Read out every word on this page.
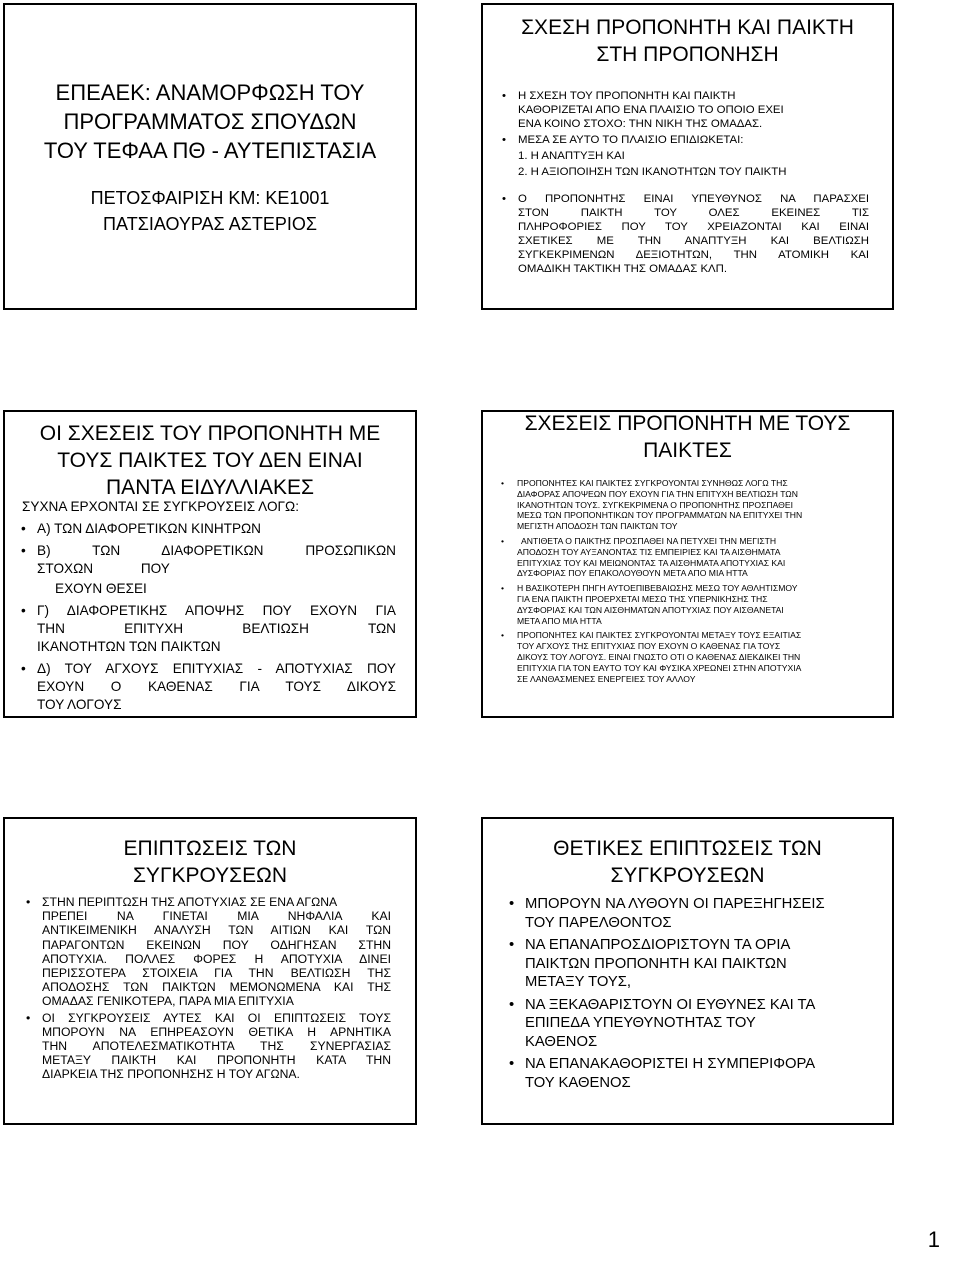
ΕΠΕΑΕΚ: ΑΝΑΜΟΡΦΩΣΗ ΤΟΥ
ΠΡΟΓΡΑΜΜΑΤΟΣ ΣΠΟΥΔΩΝ
ΤΟΥ ΤΕΦΑΑ ΠΘ - ΑΥΤΕΠΙΣΤΑΣΙΑ
ΠΕΤΟΣΦΑΙΡΙΣΗ ΚΜ: ΚΕ1001
ΠΑΤΣΙΑΟΥΡΑΣ ΑΣΤΕΡΙΟΣ
ΣΧΕΣΗ ΠΡΟΠΟΝΗΤΗ ΚΑΙ ΠΑΙΚΤΗ
ΣΤΗ ΠΡΟΠΟΝΗΣΗ
• Η ΣΧΕΣΗ ΤΟΥ ΠΡΟΠΟΝΗΤΗ ΚΑΙ ΠΑΙΚΤΗ
ΚΑΘΟΡΙΖΕΤΑΙ ΑΠΟ ΕΝΑ ΠΛΑΙΣΙΟ ΤΟ ΟΠΟΙΟ ΕΧΕΙ
ΕΝΑ ΚΟΙΝΟ ΣΤΟΧΟ: ΤΗΝ ΝΙΚΗ ΤΗΣ ΟΜΑΔΑΣ.
• ΜΕΣΑ ΣΕ ΑΥΤΟ ΤΟ ΠΛΑΙΣΙΟ ΕΠΙΔΙΩΚΕΤΑΙ:
1. Η ΑΝΑΠΤΥΞΗ ΚΑΙ
2. Η ΑΞΙΟΠΟΙΗΣΗ ΤΩΝ ΙΚΑΝΟΤΗΤΩΝ ΤΟΥ ΠΑΙΚΤΗ
• Ο ΠΡΟΠΟΝΗΤΗΣ ΕΙΝΑΙ ΥΠΕΥΘΥΝΟΣ ΝΑ ΠΑΡΑΣΧΕΙ
ΣΤΟΝ ΠΑΙΚΤΗ ΤΟΥ ΟΛΕΣ ΕΚΕΙΝΕΣ ΤΙΣ
ΠΛΗΡΟΦΟΡΙΕΣ ΠΟΥ ΤΟΥ ΧΡΕΙΑΖΟΝΤΑΙ ΚΑΙ ΕΙΝΑΙ
ΣΧΕΤΙΚΕΣ ΜΕ ΤΗΝ ΑΝΑΠΤΥΞΗ ΚΑΙ ΒΕΛΤΙΩΣΗ
ΣΥΓΚΕΚΡΙΜΕΝΩΝ ΔΕΞΙΟΤΗΤΩΝ, ΤΗΝ ΑΤΟΜΙΚΗ ΚΑΙ
ΟΜΑΔΙΚΗ ΤΑΚΤΙΚΗ ΤΗΣ ΟΜΑΔΑΣ ΚΛΠ.
ΟΙ ΣΧΕΣΕΙΣ ΤΟΥ ΠΡΟΠΟΝΗΤΗ ΜΕ
ΤΟΥΣ ΠΑΙΚΤΕΣ ΤΟΥ ΔΕΝ ΕΙΝΑΙ
ΠΑΝΤΑ ΕΙΔΥΛΛΙΑΚΕΣ
ΣΥΧΝΑ ΕΡΧΟΝΤΑΙ ΣΕ ΣΥΓΚΡΟΥΣΕΙΣ ΛΟΓΩ:
• Α) ΤΩΝ ΔΙΑΦΟΡΕΤΙΚΩΝ ΚΙΝΗΤΡΩΝ
• Β) ΤΩΝ ΔΙΑΦΟΡΕΤΙΚΩΝ ΠΡΟΣΩΠΙΚΩΝ
ΣΤΟΧΩΝ ΠΟΥ
ΕΧΟΥΝ ΘΕΣΕΙ
• Γ) ΔΙΑΦΟΡΕΤΙΚΗΣ ΑΠΟΨΗΣ ΠΟΥ ΕΧΟΥΝ ΓΙΑ
ΤΗΝ ΕΠΙΤΥΧΗ ΒΕΛΤΙΩΣΗ ΤΩΝ
ΙΚΑΝΟΤΗΤΩΝ ΤΩΝ ΠΑΙΚΤΩΝ
• Δ) ΤΟΥ ΑΓΧΟΥΣ ΕΠΙΤΥΧΙΑΣ - ΑΠΟΤΥΧΙΑΣ ΠΟΥ
ΕΧΟΥΝ Ο ΚΑΘΕΝΑΣ ΓΙΑ ΤΟΥΣ ΔΙΚΟΥΣ
ΤΟΥ ΛΟΓΟΥΣ
ΣΧΕΣΕΙΣ ΠΡΟΠΟΝΗΤΗ ΜΕ ΤΟΥΣ
ΠΑΙΚΤΕΣ
• ΠΡΟΠΟΝΗΤΕΣ ΚΑΙ ΠΑΙΚΤΕΣ ΣΥΓΚΡΟΥΟΝΤΑΙ ΣΥΝΗΘΩΣ ΛΟΓΩ ΤΗΣ
ΔΙΑΦΟΡΑΣ ΑΠΟΨΕΩΝ ΠΟΥ ΕΧΟΥΝ ΓΙΑ ΤΗΝ ΕΠΙΤΥΧΗ ΒΕΛΤΙΩΣΗ ΤΩΝ
ΙΚΑΝΟΤΗΤΩΝ ΤΟΥΣ. ΣΥΓΚΕΚΡΙΜΕΝΑ Ο ΠΡΟΠΟΝΗΤΗΣ ΠΡΟΣΠΑΘΕΙ
ΜΕΣΩ ΤΩΝ ΠΡΟΠΟΝΗΤΙΚΩΝ ΤΟΥ ΠΡΟΓΡΑΜΜΑΤΩΝ ΝΑ ΕΠΙΤΥΧΕΙ ΤΗΝ
ΜΕΓΙΣΤΗ ΑΠΟΔΟΣΗ ΤΩΝ ΠΑΙΚΤΩΝ ΤΟΥ
•	ΑΝΤΙΘΕΤΑ Ο ΠΑΙΚΤΗΣ ΠΡΟΣΠΑΘΕΙ ΝΑ ΠΕΤΥΧΕΙ ΤΗΝ ΜΕΓΙΣΤΗ
ΑΠΟΔΟΣΗ ΤΟΥ ΑΥΞΑΝΟΝΤΑΣ ΤΙΣ ΕΜΠΕΙΡΙΕΣ ΚΑΙ ΤΑ ΑΙΣΘΗΜΑΤΑ
ΕΠΙΤΥΧΙΑΣ ΤΟΥ ΚΑΙ ΜΕΙΩΝΟΝΤΑΣ ΤΑ ΑΙΣΘΗΜΑΤΑ ΑΠΟΤΥΧΙΑΣ ΚΑΙ
ΔΥΣΦΟΡΙΑΣ ΠΟΥ ΕΠΑΚΟΛΟΥΘΟΥΝ ΜΕΤΑ ΑΠΟ ΜΙΑ ΗΤΤΑ
• Η ΒΑΣΙΚΟΤΕΡΗ ΠΗΓΗ ΑΥΤΟΕΠΙΒΕΒΑΙΩΣΗΣ ΜΕΣΩ ΤΟΥ ΑΘΛΗΤΙΣΜΟΥ
ΓΙΑ ΕΝΑ ΠΑΙΚΤΗ ΠΡΟΕΡΧΕΤΑΙ ΜΕΣΩ ΤΗΣ ΥΠΕΡΝΙΚΗΣΗΣ ΤΗΣ
ΔΥΣΦΟΡΙΑΣ ΚΑΙ ΤΩΝ ΑΙΣΘΗΜΑΤΩΝ ΑΠΟΤΥΧΙΑΣ ΠΟΥ ΑΙΣΘΑΝΕΤΑΙ
ΜΕΤΑ ΑΠΟ ΜΙΑ ΗΤΤΑ
• ΠΡΟΠΟΝΗΤΕΣ ΚΑΙ ΠΑΙΚΤΕΣ ΣΥΓΚΡΟΥΟΝΤΑΙ ΜΕΤΑΞΥ ΤΟΥΣ ΕΞΑΙΤΙΑΣ
ΤΟΥ ΑΓΧΟΥΣ ΤΗΣ ΕΠΙΤΥΧΙΑΣ ΠΟΥ ΕΧΟΥΝ Ο ΚΑΘΕΝΑΣ ΓΙΑ ΤΟΥΣ
ΔΙΚΟΥΣ ΤΟΥ ΛΟΓΟΥΣ. ΕΙΝΑΙ ΓΝΩΣΤΟ ΟΤΙ Ο ΚΑΘΕΝΑΣ ΔΙΕΚΔΙΚΕΙ ΤΗΝ
ΕΠΙΤΥΧΙΑ ΓΙΑ ΤΟΝ ΕΑΥΤΟ ΤΟΥ ΚΑΙ ΦΥΣΙΚΑ ΧΡΕΩΝΕΙ ΣΤΗΝ ΑΠΟΤΥΧΙΑ
ΣΕ ΛΑΝΘΑΣΜΕΝΕΣ ΕΝΕΡΓΕΙΕΣ ΤΟΥ ΑΛΛΟΥ
ΕΠΙΠΤΩΣΕΙΣ ΤΩΝ
ΣΥΓΚΡΟΥΣΕΩΝ
• ΣΤΗΝ ΠΕΡΙΠΤΩΣΗ ΤΗΣ ΑΠΟΤΥΧΙΑΣ ΣΕ ΕΝΑ ΑΓΩΝΑ
ΠΡΕΠΕΙ ΝΑ ΓΙΝΕΤΑΙ ΜΙΑ ΝΗΦΑΛΙΑ ΚΑΙ
ΑΝΤΙΚΕΙΜΕΝΙΚΗ ΑΝΑΛΥΣΗ ΤΩΝ ΑΙΤΙΩΝ ΚΑΙ ΤΩΝ
ΠΑΡΑΓΟΝΤΩΝ ΕΚΕΙΝΩΝ ΠΟΥ ΟΔΗΓΗΣΑΝ ΣΤΗΝ
ΑΠΟΤΥΧΙΑ. ΠΟΛΛΕΣ ΦΟΡΕΣ Η ΑΠΟΤΥΧΙΑ ΔΙΝΕΙ
ΠΕΡΙΣΣΟΤΕΡΑ ΣΤΟΙΧΕΙΑ ΓΙΑ ΤΗΝ ΒΕΛΤΙΩΣΗ ΤΗΣ
ΑΠΟΔΟΣΗΣ ΤΩΝ ΠΑΙΚΤΩΝ ΜΕΜΟΝΩΜΕΝΑ ΚΑΙ ΤΗΣ
ΟΜΑΔΑΣ ΓΕΝΙΚΟΤΕΡΑ, ΠΑΡΑ ΜΙΑ ΕΠΙΤΥΧΙΑ
• ΟΙ ΣΥΓΚΡΟΥΣΕΙΣ ΑΥΤΕΣ ΚΑΙ ΟΙ ΕΠΙΠΤΩΣΕΙΣ ΤΟΥΣ
ΜΠΟΡΟΥΝ ΝΑ ΕΠΗΡΕΑΣΟΥΝ ΘΕΤΙΚΑ Η ΑΡΝΗΤΙΚΑ
ΤΗΝ ΑΠΟΤΕΛΕΣΜΑΤΙΚΟΤΗΤΑ ΤΗΣ ΣΥΝΕΡΓΑΣΙΑΣ
ΜΕΤΑΞΥ ΠΑΙΚΤΗ ΚΑΙ ΠΡΟΠΟΝΗΤΗ ΚΑΤΑ ΤΗΝ
ΔΙΑΡΚΕΙΑ ΤΗΣ ΠΡΟΠΟΝΗΣΗΣ Η ΤΟΥ ΑΓΩΝΑ.
ΘΕΤΙΚΕΣ ΕΠΙΠΤΩΣΕΙΣ ΤΩΝ
ΣΥΓΚΡΟΥΣΕΩΝ
• ΜΠΟΡΟΥΝ ΝΑ ΛΥΘΟΥΝ ΟΙ ΠΑΡΕΞΗΓΗΣΕΙΣ
ΤΟΥ ΠΑΡΕΛΘΟΝΤΟΣ
• ΝΑ ΕΠΑΝΑΠΡΟΣΔΙΟΡΙΣΤΟΥΝ ΤΑ ΟΡΙΑ
ΠΑΙΚΤΩΝ ΠΡΟΠΟΝΗΤΗ ΚΑΙ ΠΑΙΚΤΩΝ
ΜΕΤΑΞΥ ΤΟΥΣ,
• ΝΑ ΞΕΚΑΘΑΡΙΣΤΟΥΝ ΟΙ ΕΥΘΥΝΕΣ ΚΑΙ ΤΑ
ΕΠΙΠΕΔΑ ΥΠΕΥΘΥΝΟΤΗΤΑΣ ΤΟΥ
ΚΑΘΕΝΟΣ
• ΝΑ ΕΠΑΝΑΚΑΘΟΡΙΣΤΕΙ Η ΣΥΜΠΕΡΙΦΟΡΑ
ΤΟΥ ΚΑΘΕΝΟΣ
1
